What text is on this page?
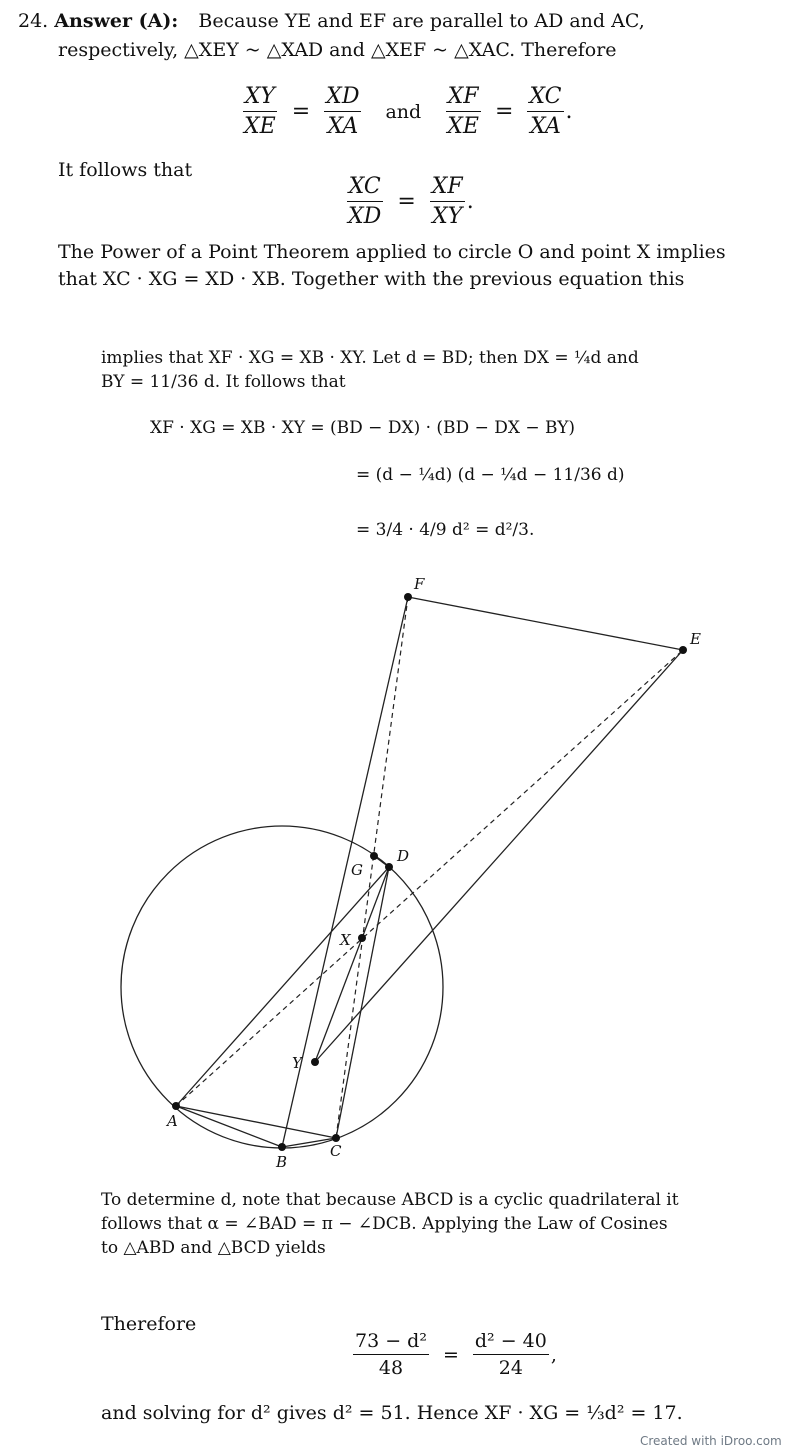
24. Answer (A): Because YE and EF are parallel to AD and AC,
respectively, △XEY ~ △XAD and △XEF ~ △XAC. Therefore
$\frac{XY}{XE} = \frac{XD}{XA}$ and $\frac{XF}{XE} = \frac{XC}{XA}$ .
It follows that
$\frac{XC}{XD} = \frac{XF}{XY}$ .
The Power of a Point Theorem applied to circle O and point X implies
that XC · XG = XD · XB. Together with the previous equation this
implies that XF · XG = XB · XY. Let d = BD; then DX = ¼d and
BY = 11/36 d. It follows that
XF · XG = XB · XY = (BD − DX) · (BD − DX − BY)
= (d − ¼d) (d − ¼d − 11/36 d)
= 3/4 · 4/9 d² = d²/3.
F
E
D
G
X
Y
A
B
C
To determine d, note that because ABCD is a cyclic quadrilateral it
follows that α = ∠BAD = π − ∠DCB. Applying the Law of Cosines
to △ABD and △BCD yields
Therefore
$\frac{\text{73 − d²}}{48} = \frac{\text{d² − 40}}{24}$ ,
and solving for d² gives d² = 51. Hence XF · XG = ⅓d² = 17.
Created with iDroo.com
